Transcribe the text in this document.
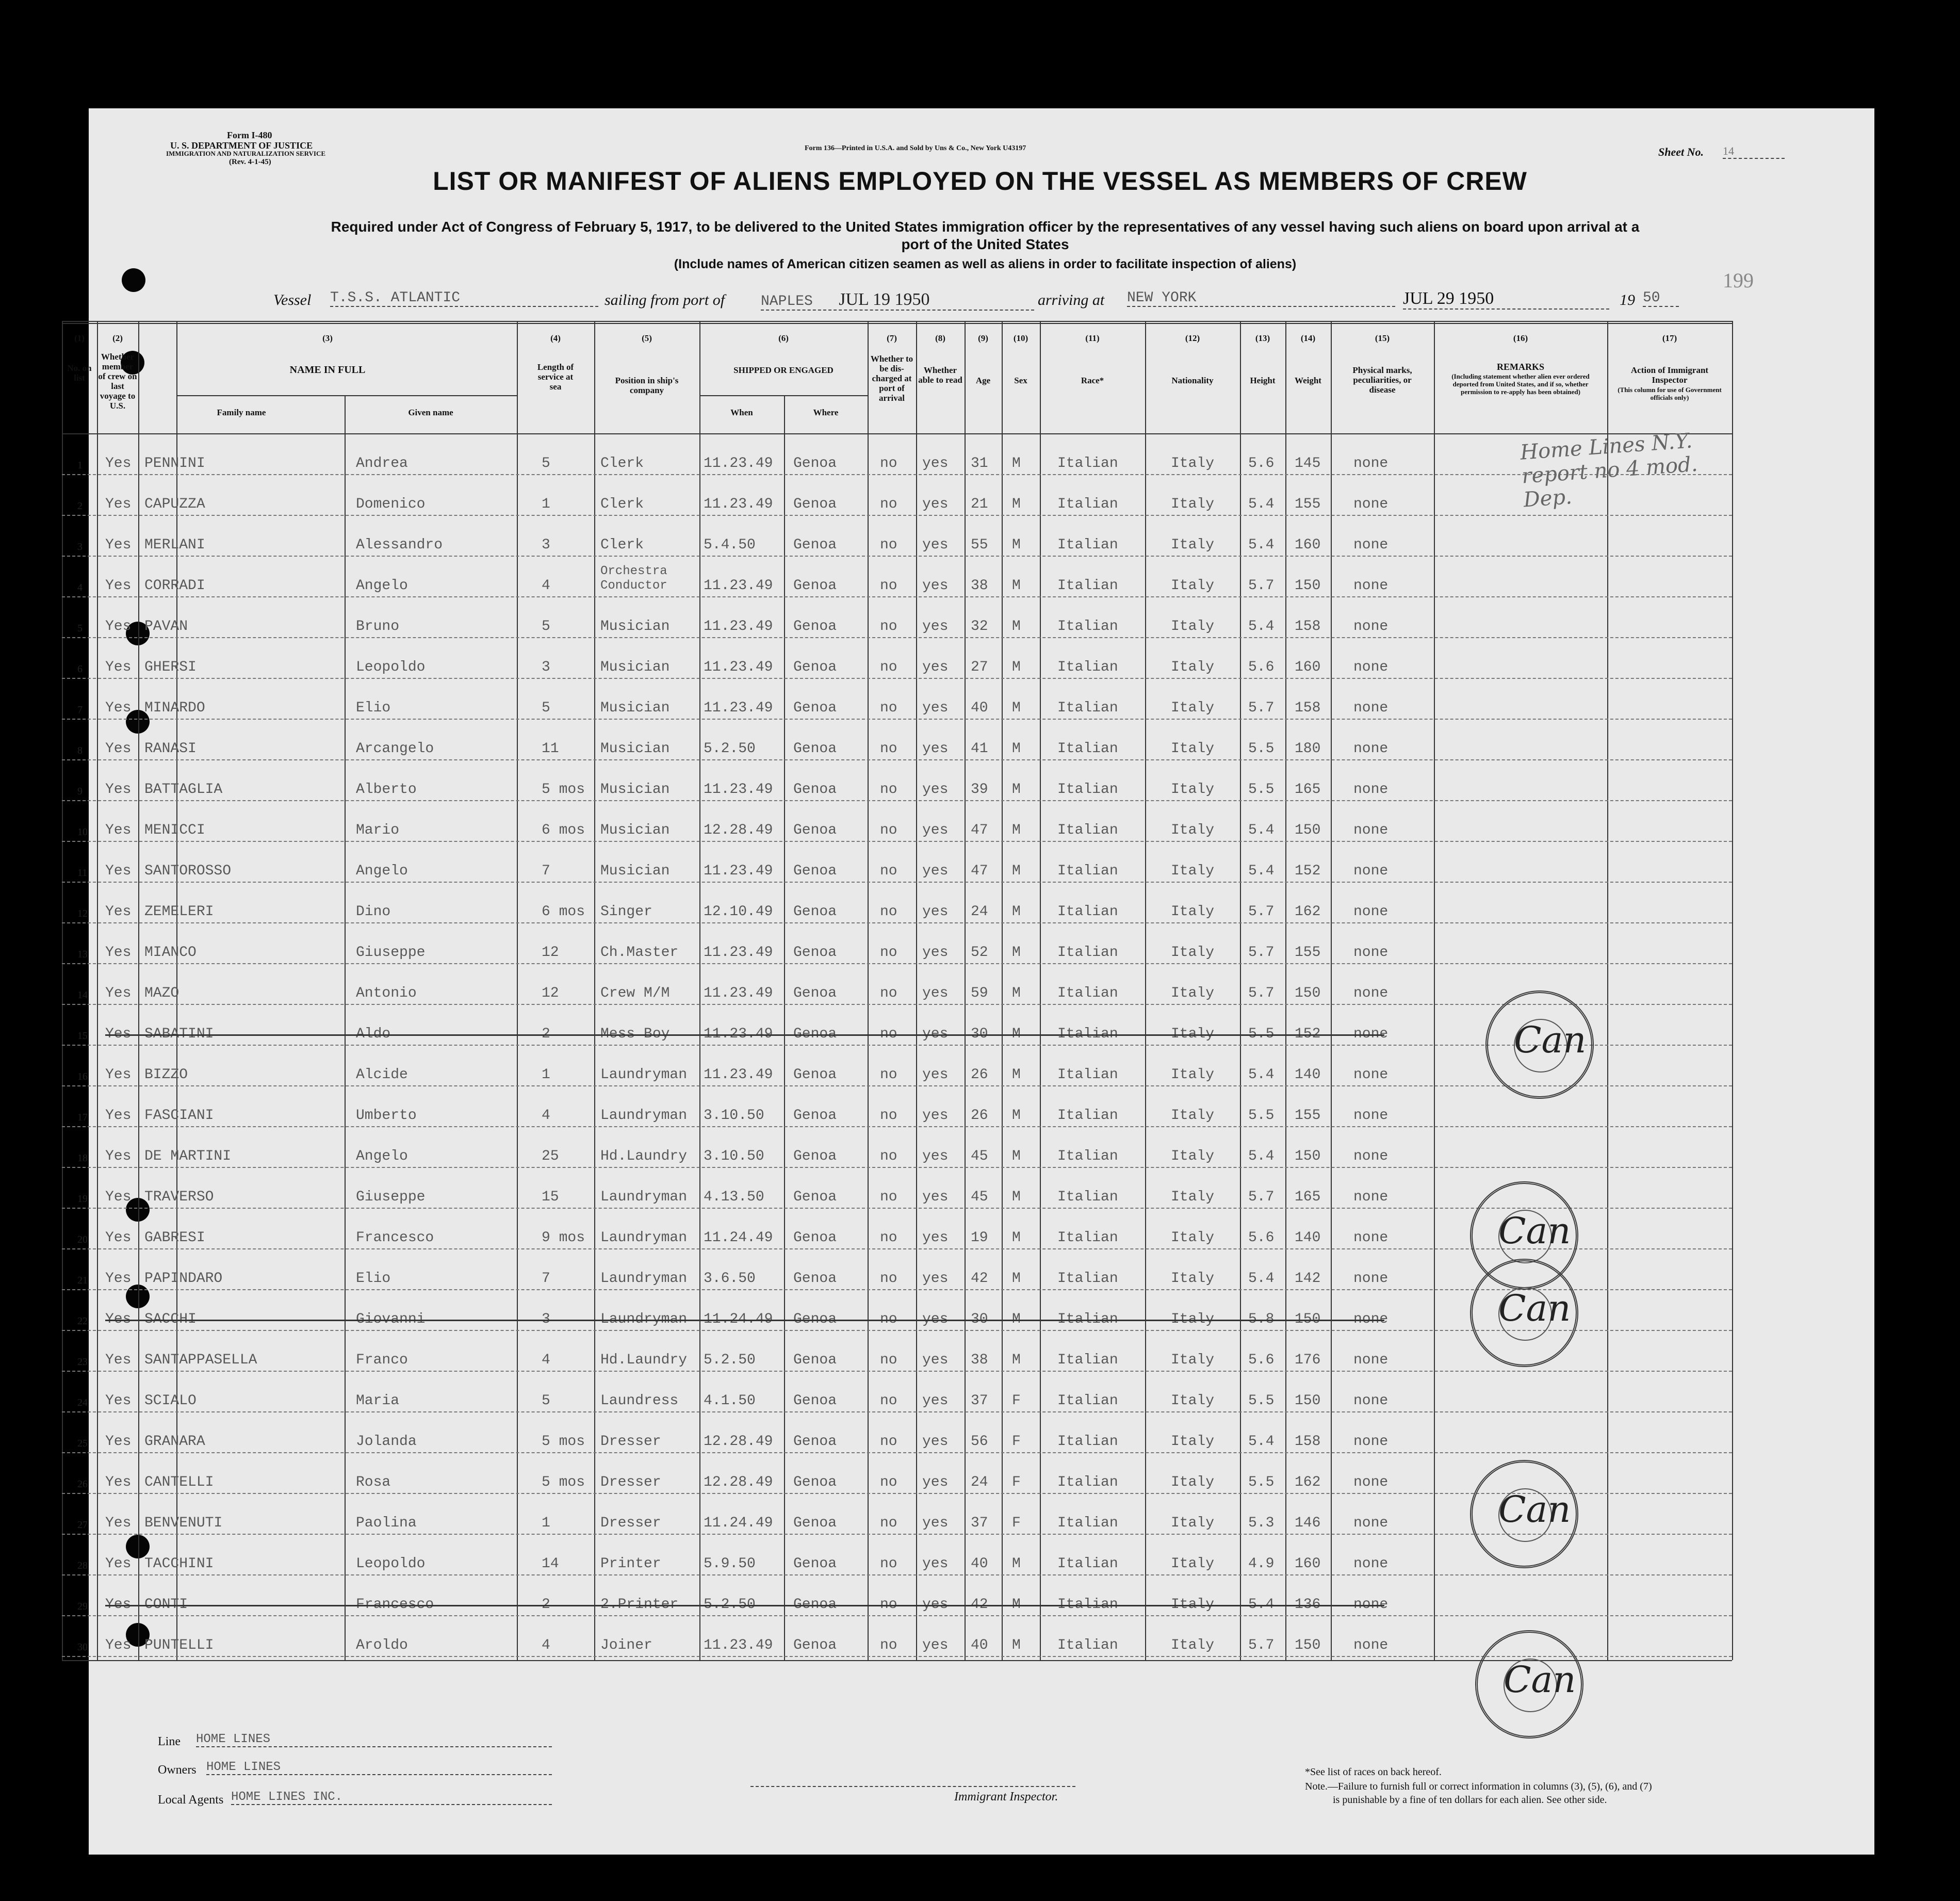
Form I-480
U. S. DEPARTMENT OF JUSTICE
IMMIGRATION AND NATURALIZATION SERVICE
(Rev. 4-1-45)
Form 136—Printed in U.S.A. and Sold by Uns & Co., New York U43197	Sheet No. 14
LIST OR MANIFEST OF ALIENS EMPLOYED ON THE VESSEL AS MEMBERS OF CREW
Required under Act of Congress of February 5, 1917, to be delivered to the United States immigration officer by the representatives of any vessel having such aliens on board upon arrival at a
port of the United States
(Include names of American citizen seamen as well as aliens in order to facilitate inspection of aliens)
199
Vessel T.S.S. ATLANTIC	sailing from port of NAPLES JUL 19 1950	arriving at NEW YORK	JUL 29 1950	19 50
(1)
No. on list
(2)
Whether member of crew on last voyage to U.S.
(3)
NAME IN FULL
Family name	Given name
(4)
Length of service at sea
(5)
Position in ship's company
(6)
SHIPPED OR ENGAGED
When	Where
(7)
Whether to be dis-charged at port of arrival
(8)
Whether able to read
(9)
Age
(10)
Sex
(11)
Race*
(12)
Nationality
(13)
Height
(14)
Weight
(15)
Physical marks, peculiarities, or disease
(16)
REMARKS
(Including statement whether alien ever ordered deported from United States, and if so, whether permission to re-apply has been obtained)
(17)
Action of Immigrant Inspector
(This column for use of Government officials only)
1 Yes PENNINI	Andrea	5	Clerk	11.23.49 Genoa	no yes 31 M	Italian	Italy 5.6 145 none
2 Yes CAPUZZA	Domenico	1	Clerk	11.23.49 Genoa	no yes 21 M	Italian	Italy 5.4 155 none
3 Yes MERLANI	Alessandro	3	Clerk	5.4.50	Genoa	no yes 55 M	Italian	Italy 5.4 160 none
4 Yes CORRADI	Angelo	4
Orchestra Conductor	11.23.49 Genoa	no yes 38 M	Italian	Italy 5.7 150 none
5 Yes PAVAN	Bruno	5	Musician 11.23.49 Genoa	no yes 32 M	Italian	Italy 5.4 158 none
6 Yes GHERSI	Leopoldo	3	Musician 11.23.49 Genoa	no yes 27 M	Italian	Italy 5.6 160 none
7 Yes MINARDO	Elio	5	Musician 11.23.49 Genoa	no yes 40 M	Italian	Italy 5.7 158 none
8 Yes RANASI	Arcangelo	11	Musician 5.2.50	Genoa	no yes 41 M	Italian	Italy 5.5 180 none
9 Yes BATTAGLIA	Alberto	5 mos Musician 11.23.49 Genoa	no yes 39 M	Italian	Italy 5.5 165 none
10 Yes MENICCI	Mario	6 mos Musician 12.28.49 Genoa	no yes 47 M	Italian	Italy 5.4 150 none
11 Yes SANTOROSSO	Angelo	7	Musician 11.23.49 Genoa	no yes 47 M	Italian	Italy 5.4 152 none
12 Yes ZEMELERI	Dino	6 mos Singer	12.10.49 Genoa	no yes 24 M	Italian	Italy 5.7 162 none
13 Yes MIANCO	Giuseppe	12	Ch.Master 11.23.49 Genoa	no yes 52 M	Italian	Italy 5.7 155 none
14 Yes MAZO	Antonio	12	Crew M/M 11.23.49 Genoa	no yes 59 M	Italian	Italy 5.7 150 none
15 Yes SABATINI	Aldo	2	Mess Boy 11.23.49 Genoa	no yes 30 M	Italian	Italy 5.5 152 none
16 Yes BIZZO	Alcide	1	Laundryman 11.23.49 Genoa	no yes 26 M	Italian	Italy 5.4 140 none
17 Yes FASCIANI	Umberto	4	Laundryman 3.10.50 Genoa	no yes 26 M	Italian	Italy 5.5 155 none
18 Yes DE MARTINI	Angelo	25	Hd.Laundry 3.10.50 Genoa	no yes 45 M	Italian	Italy 5.4 150 none
19 Yes TRAVERSO	Giuseppe	15	Laundryman 4.13.50 Genoa	no yes 45 M	Italian	Italy 5.7 165 none
20 Yes GABRESI	Francesco	9 mos Laundryman 11.24.49 Genoa	no yes 19 M	Italian	Italy 5.6 140 none
21 Yes PAPINDARO	Elio	7	Laundryman 3.6.50	Genoa	no yes 42 M	Italian	Italy 5.4 142 none
22 Yes SACCHI	Giovanni	3	Laundryman 11.24.49 Genoa	no yes 30 M	Italian	Italy 5.8 150 none
23 Yes SANTAPPASELLA	Franco	4	Hd.Laundry 5.2.50	Genoa	no yes 38 M	Italian	Italy 5.6 176 none
24 Yes SCIALO	Maria	5	Laundress 4.1.50	Genoa	no yes 37 F	Italian	Italy 5.5 150 none
25 Yes GRANARA	Jolanda	5 mos Dresser	12.28.49 Genoa	no yes 56 F	Italian	Italy 5.4 158 none
26 Yes CANTELLI	Rosa	5 mos Dresser	12.28.49 Genoa	no yes 24 F	Italian	Italy 5.5 162 none
27 Yes BENVENUTI	Paolina	1	Dresser	11.24.49 Genoa	no yes 37 F	Italian	Italy 5.3 146 none
28 Yes TACCHINI	Leopoldo	14	Printer	5.9.50	Genoa	no yes 40 M	Italian	Italy 4.9 160 none
29 Yes CONTI	Francesco	2	2.Printer 5.2.50	Genoa	no yes 42 M	Italian	Italy 5.4 136 none
30 Yes PUNTELLI	Aroldo	4	Joiner	11.23.49 Genoa	no yes 40 M	Italian	Italy 5.7 150 none
Home Lines N.Y. report no 4 mod. Dep.
Can
Can
Can
Can
Can
Line HOME LINES
Owners HOME LINES
Local Agents HOME LINES INC.	Immigrant Inspector.
*See list of races on back hereof.
Note.—Failure to furnish full or correct information in columns (3), (5), (6), and (7)
is punishable by a fine of ten dollars for each alien. See other side.
